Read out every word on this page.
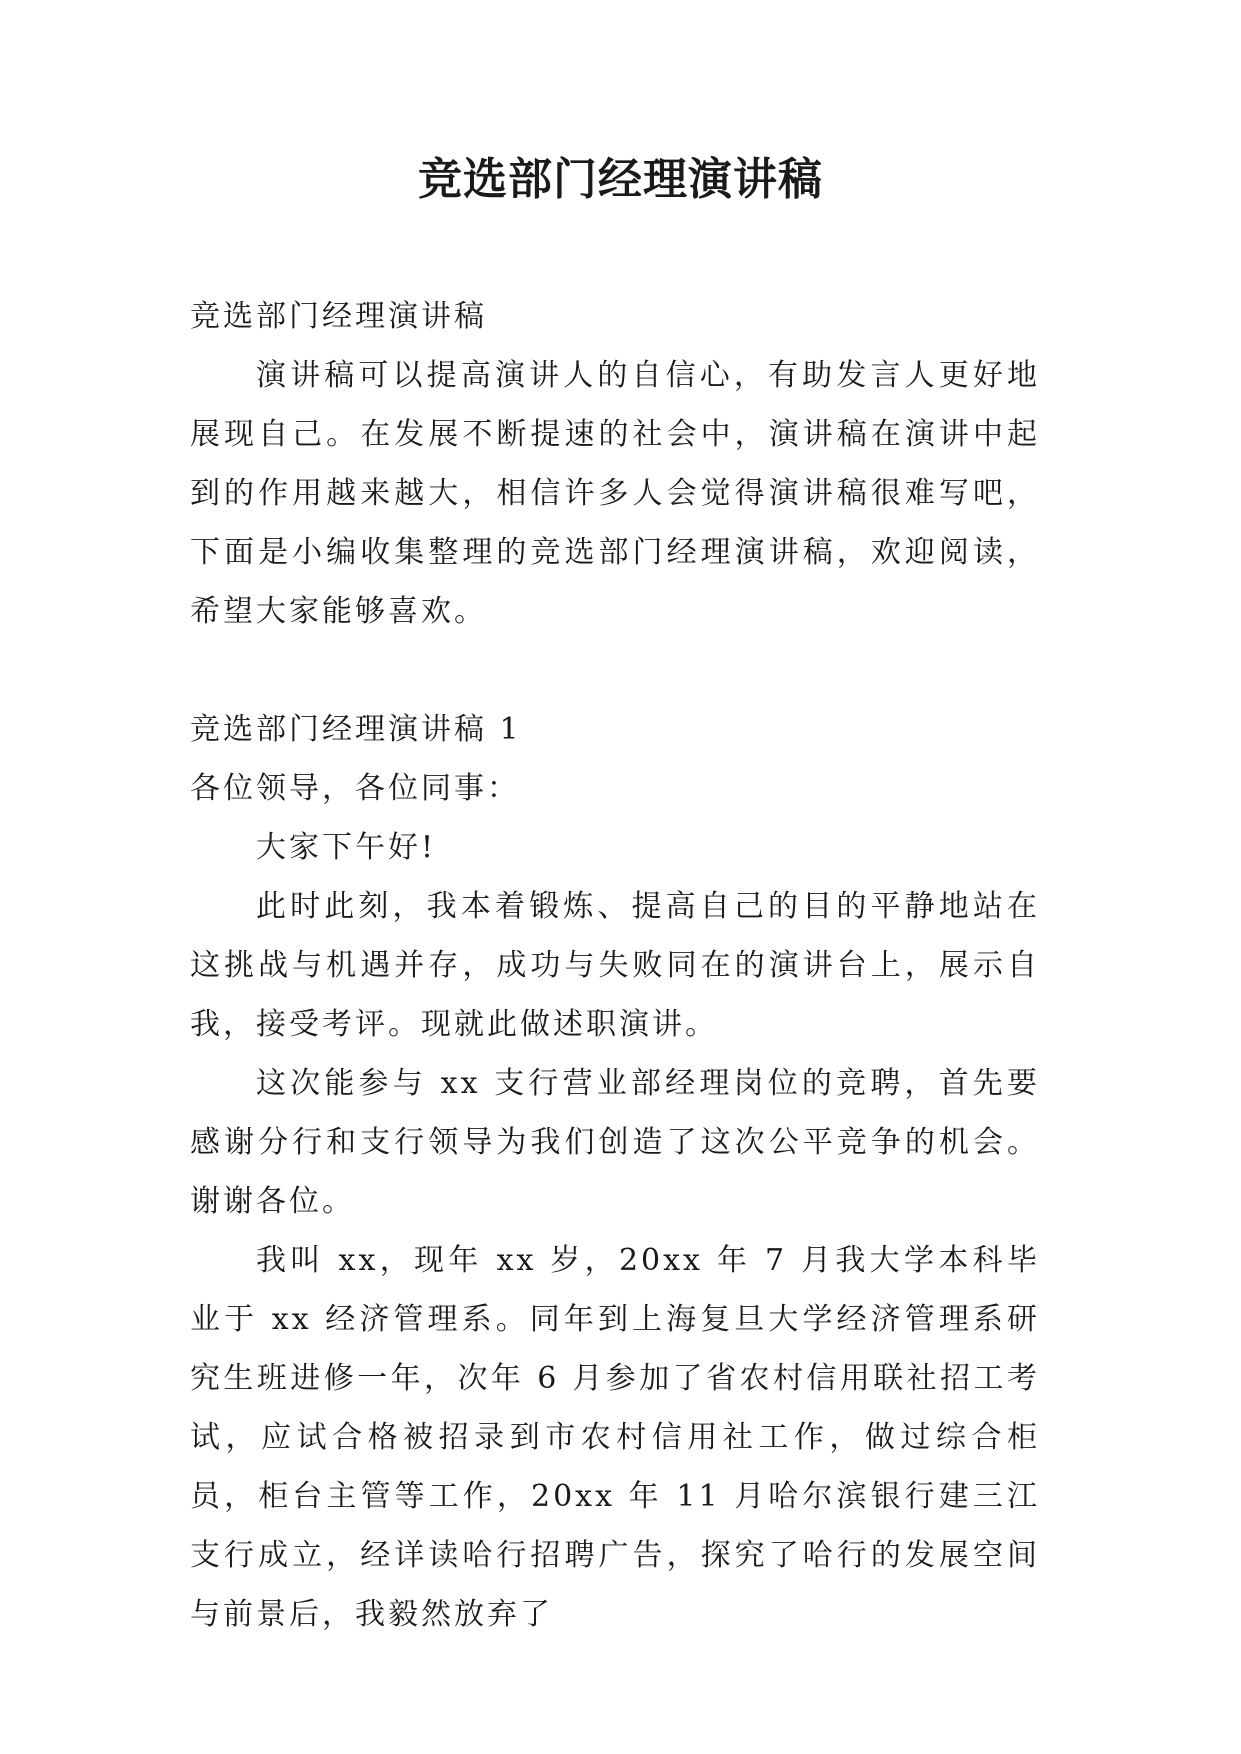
竞选部门经理演讲稿

竞选部门经理演讲稿

演讲稿可以提高演讲人的自信心，有助发言人更好地展现自己。在发展不断提速的社会中，演讲稿在演讲中起到的作用越来越大，相信许多人会觉得演讲稿很难写吧，下面是小编收集整理的竞选部门经理演讲稿，欢迎阅读，希望大家能够喜欢。

竞选部门经理演讲稿 1

各位领导，各位同事：

大家下午好!

此时此刻，我本着锻炼、提高自己的目的平静地站在这挑战与机遇并存，成功与失败同在的演讲台上，展示自我，接受考评。现就此做述职演讲。

这次能参与 xx 支行营业部经理岗位的竞聘，首先要感谢分行和支行领导为我们创造了这次公平竞争的机会。谢谢各位。

我叫 xx，现年 xx 岁，20xx 年 7 月我大学本科毕业于 xx 经济管理系。同年到上海复旦大学经济管理系研究生班进修一年，次年 6 月参加了省农村信用联社招工考试，应试合格被招录到市农村信用社工作，做过综合柜员，柜台主管等工作，20xx 年 11 月哈尔滨银行建三江支行成立，经详读哈行招聘广告，探究了哈行的发展空间与前景后，我毅然放弃了
